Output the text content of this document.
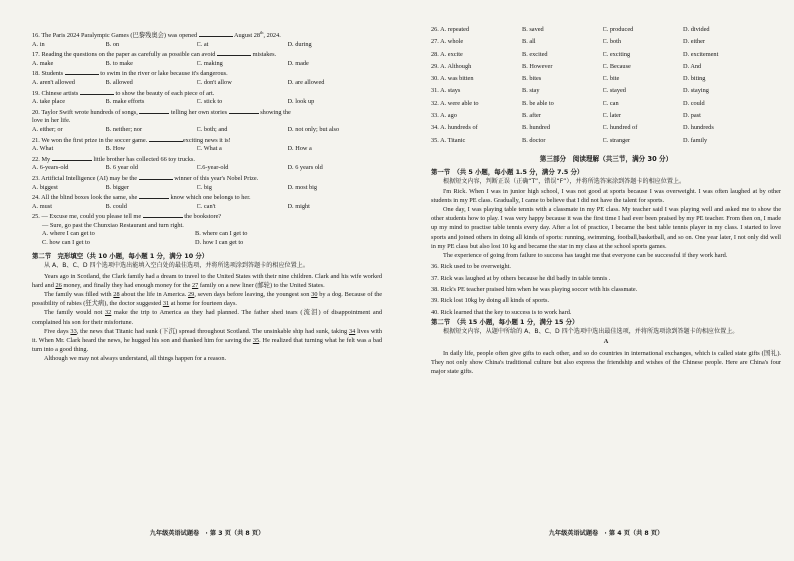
16. The Paris 2024 Paralympic Games (巴黎残奥会) was opened	August 28th, 2024.
A. in	B. on	C. at	D. during
17. Reading the questions on the paper as carefully as possible can avoid	mistakes.
A. make	B. to make	C. making	D. made
18. Students	to swim in the river or lake because it's dangerous.
A. aren't allowed	B. allowed	C. don't allow	D. are allowed
19. Chinese artists	to show the beauty of each piece of art.
A. take place	B. make efforts	C. stick to	D. look up
20. Taylor Swift wrote hundreds of songs,	telling her own stories	showing the
love in her life.
A. either; or	B. neither; nor	C. both; and	D. not only; but also
21. We won the first prize in the soccer game.	exciting news it is!
A. What	B. How	C. What a	D. How a
22. My	little brother has collected 66 toy trucks.
A. 6-years-old	B. 6 year old	C.6-year-old	D. 6 years old
23. Artificial Intelligence (AI) may be the	winner of this year's Nobel Prize.
A. biggest	B. bigger	C. big	D. most big
24. All the blind boxes look the same, she	know which one belongs to her.
A. must	B. could	C. can't	D. might
25. — Excuse me, could you please tell me	the bookstore?
— Sure, go past the Chunxiao Restaurant and turn right.
A. where I can get to	B. where can I get to
C. how can I get to	D. how I can get to
第二节　完形填空（共 10 小题，每小题 1 分，满分 10 分）
从 A、B、C、D 四个选项中选出能填入空白处的最佳选项，并将所选项涂到答题卡的相应位置上。

Years ago in Scotland, the Clark family had a dream to travel to the United States with their nine children. Clark and his wife worked hard and 26 money, and finally they had enough money for the 27 family on a new liner (邮轮) to the United States.

The family was filled with 28 about the life in America. 29, seven days before leaving, the youngest son 30 by a dog. Because of the possibility of rabies (狂犬病), the doctor suggested 31 at home for fourteen days.

The family would not 32 make the trip to America as they had planned. The father shed tears (流泪) of disappointment and complained his son for their misfortune.

Five days 33, the news that Titanic had sunk (下沉) spread throughout Scotland. The unsinkable ship had sunk, taking 34 lives with it. When Mr. Clark heard the news, he hugged his son and thanked him for saving the 35. He realized that turning what he felt was a bad turn into a good thing.

Although we may not always understand, all things happen for a reason.

九年级英语试题卷　· 第 3 页（共 8 页）
26. A. repeated	B. saved	C. produced	D. divided
27. A. whole	B. all	C. both	D. either
28. A. excite	B. excited	C. exciting	D. excitement
29. A. Although	B. However	C. Because	D. And
30. A. was bitten	B. bites	C. bite	D. biting
31. A. stays	B. stay	C. stayed	D. staying
32. A. were able to	B. be able to	C. can	D. could
33. A. ago	B. after	C. later	D. past
34. A. hundreds of	B. hundred	C. hundred of	D. hundreds
35. A. Titanic	B. doctor	C. stranger	D. family
第三部分　阅读理解（共三节，满分 30 分）
第一节　（共 5 小题，每小题 1.5 分，满分 7.5 分）
根据短文内容，判断正误（正确“T”，错误“F”），并将所选答案涂到答题卡的相应位置上。

I'm Rick. When I was in junior high school, I was not good at sports because I was overweight. I was often laughed at by other students in my PE class. Gradually, I came to believe that I did not have the talent for sports.

One day, I was playing table tennis with a classmate in my PE class. My teacher said I was playing well and asked me to show the other students how to play. I was very happy because it was the first time I had ever been praised by my PE teacher. From then on, I made up my mind to practise table tennis every day. After a lot of practice, I became the best table tennis player in my class. I started to love sports and joined others in doing all kinds of sports: running, swimming, football,basketball, and so on. One year later, I not only did well in my PE class but also lost 10 kg and became the star in my class at the school sports games.

The experience of going from failure to success has taught me that everyone can be successful if they work hard.

36. Rick used to be overweight.

37. Rick was laughed at by others because he did badly in table tennis .

38. Rick's PE teacher praised him when he was playing soccer with his classmate.

39. Rick lost 10kg by doing all kinds of sports.

40. Rick learned that the key to success is to work hard.

第二节　（共 15 小题，每小题 1 分，满分 15 分）
根据短文内容，从题中所给的 A、B、C、D 四个选项中选出最佳选项，并将所选项涂到答题卡的相应位置上。
A

In daily life, people often give gifts to each other, and so do countries in international exchanges, which is called state gifts (国礼). They not only show China's traditional culture but also express the friendship and wishes of the Chinese people. Here are China's four major state gifts.

九年级英语试题卷　· 第 4 页（共 8 页）
